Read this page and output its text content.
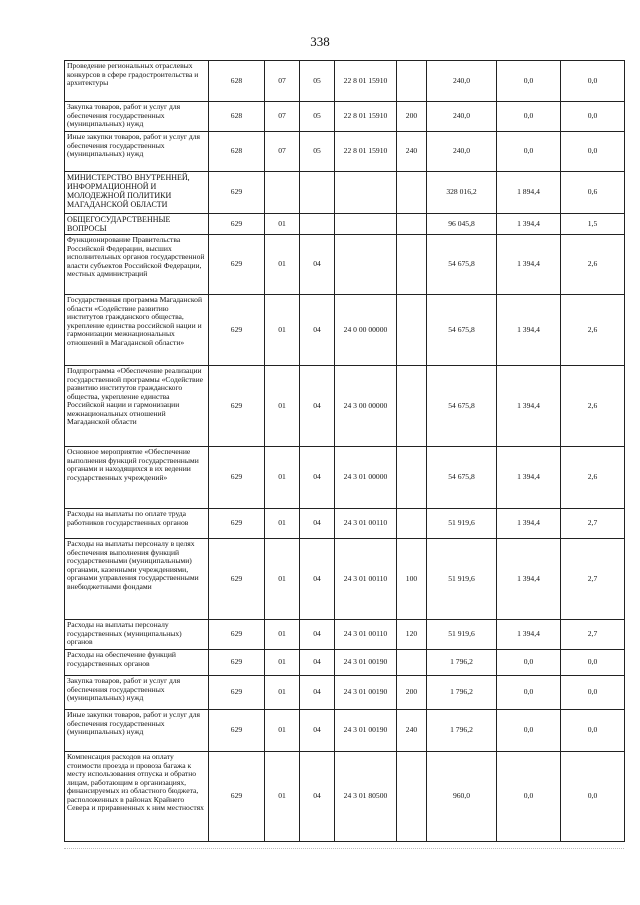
338
Проведение региональных отраслевых конкурсов в сфере градостроительства и архитектуры	628	07	05	22 8 01 15910		240,0	0,0	0,0
Закупка товаров, работ и услуг для обеспечения государственных (муниципальных) нужд	628	07	05	22 8 01 15910	200	240,0	0,0	0,0
Иные закупки товаров, работ и услуг для обеспечения государственных (муниципальных) нужд	628	07	05	22 8 01 15910	240	240,0	0,0	0,0
МИНИСТЕРСТВО ВНУТРЕННЕЙ, ИНФОРМАЦИОННОЙ И МОЛОДЕЖНОЙ ПОЛИТИКИ МАГАДАНСКОЙ ОБЛАСТИ	629					328 016,2	1 894,4	0,6
ОБЩЕГОСУДАРСТВЕННЫЕ ВОПРОСЫ	629	01				96 045,8	1 394,4	1,5
Функционирование Правительства Российской Федерации, высших исполнительных органов государственной власти субъектов Российской Федерации, местных администраций	629	01	04			54 675,8	1 394,4	2,6
Государственная программа Магаданской области «Содействие развитию институтов гражданского общества, укрепление единства российской нации и гармонизации межнациональных отношений в Магаданской области»	629	01	04	24 0 00 00000		54 675,8	1 394,4	2,6
Подпрограмма «Обеспечение реализации государственной программы «Содействие развитию институтов гражданского общества, укрепление единства Российской нации и гармонизации межнациональных отношений Магаданской области	629	01	04	24 3 00 00000		54 675,8	1 394,4	2,6
Основное мероприятие «Обеспечение выполнения функций государственными органами и находящихся в их ведении государственных учреждений»	629	01	04	24 3 01 00000		54 675,8	1 394,4	2,6
Расходы на выплаты по оплате труда работников государственных органов	629	01	04	24 3 01 00110		51 919,6	1 394,4	2,7
Расходы на выплаты персоналу в целях обеспечения выполнения функций государственными (муниципальными) органами, казенными учреждениями, органами управления государственными внебюджетными фондами	629	01	04	24 3 01 00110	100	51 919,6	1 394,4	2,7
Расходы на выплаты персоналу государственных (муниципальных) органов	629	01	04	24 3 01 00110	120	51 919,6	1 394,4	2,7
Расходы на обеспечение функций государственных органов	629	01	04	24 3 01 00190		1 796,2	0,0	0,0
Закупка товаров, работ и услуг для обеспечения государственных (муниципальных) нужд	629	01	04	24 3 01 00190	200	1 796,2	0,0	0,0
Иные закупки товаров, работ и услуг для обеспечения государственных (муниципальных) нужд	629	01	04	24 3 01 00190	240	1 796,2	0,0	0,0
Компенсация расходов на оплату стоимости проезда и провоза багажа к месту использования отпуска и обратно лицам, работающим в организациях, финансируемых из областного бюджета, расположенных в районах Крайнего Севера и приравненных к ним местностях	629	01	04	24 3 01 80500		960,0	0,0	0,0
